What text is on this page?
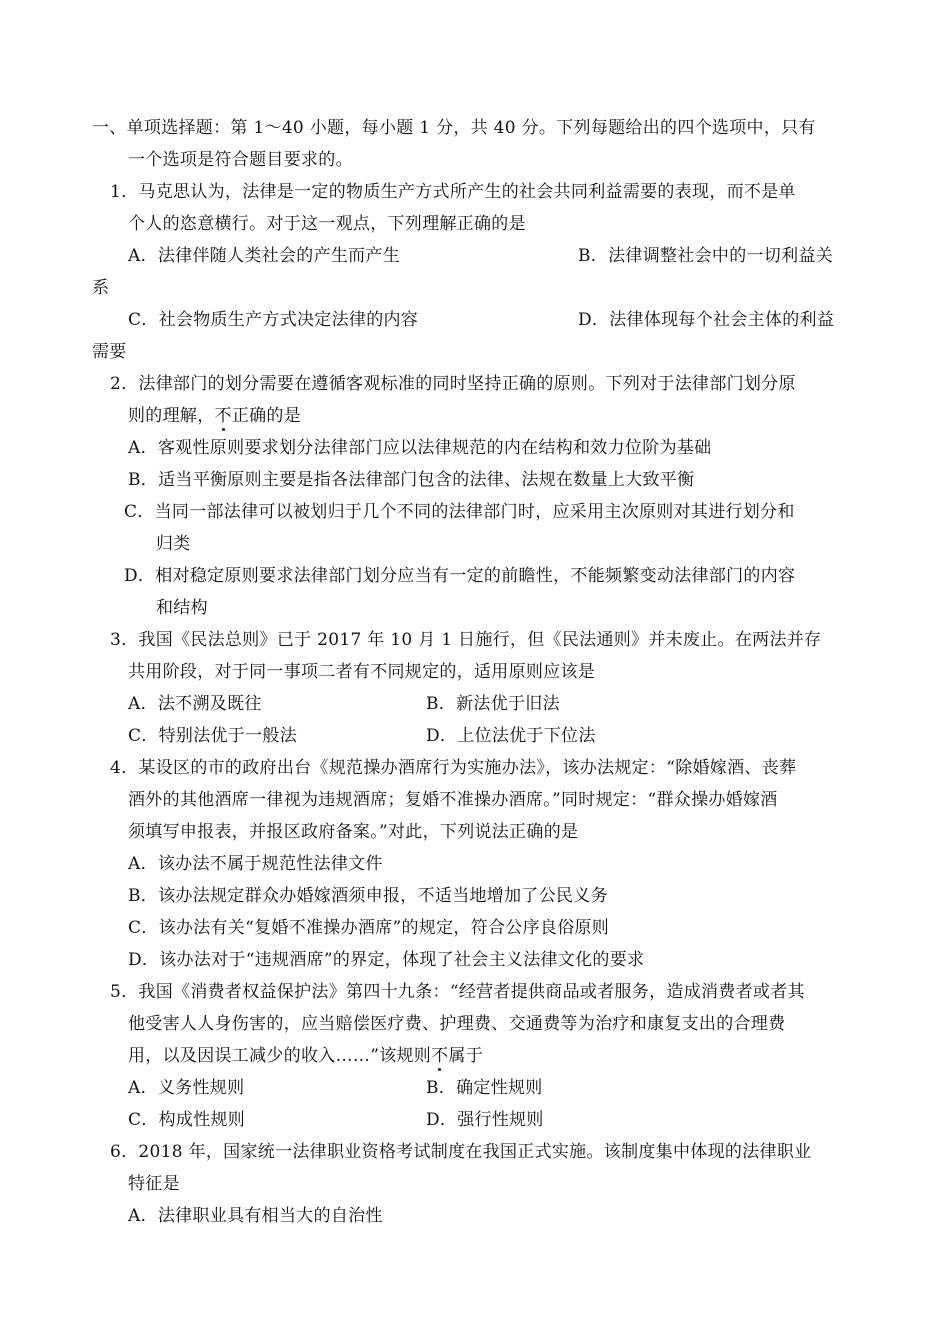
一、单项选择题：第 1～40 小题，每小题 1 分，共 40 分。下列每题给出的四个选项中，只有
一个选项是符合题目要求的。
1．马克思认为，法律是一定的物质生产方式所产生的社会共同利益需要的表现，而不是单
个人的恣意横行。对于这一观点，下列理解正确的是
A．法律伴随人类社会的产生而产生	B．法律调整社会中的一切利益关
系
C．社会物质生产方式决定法律的内容	D．法律体现每个社会主体的利益
需要
2．法律部门的划分需要在遵循客观标准的同时坚持正确的原则。下列对于法律部门划分原
则的理解，不正确的是
A．客观性原则要求划分法律部门应以法律规范的内在结构和效力位阶为基础
B．适当平衡原则主要是指各法律部门包含的法律、法规在数量上大致平衡
C．当同一部法律可以被划归于几个不同的法律部门时，应采用主次原则对其进行划分和
归类
D．相对稳定原则要求法律部门划分应当有一定的前瞻性，不能频繁变动法律部门的内容
和结构
3．我国《民法总则》已于 2017 年 10 月 1 日施行，但《民法通则》并未废止。在两法并存
共用阶段，对于同一事项二者有不同规定的，适用原则应该是
A．法不溯及既往	B．新法优于旧法
C．特别法优于一般法	D．上位法优于下位法
4．某设区的市的政府出台《规范操办酒席行为实施办法》，该办法规定：“除婚嫁酒、丧葬
酒外的其他酒席一律视为违规酒席；复婚不准操办酒席。”同时规定：“群众操办婚嫁酒
须填写申报表，并报区政府备案。”对此，下列说法正确的是
A．该办法不属于规范性法律文件
B．该办法规定群众办婚嫁酒须申报，不适当地增加了公民义务
C．该办法有关“复婚不准操办酒席”的规定，符合公序良俗原则
D．该办法对于“违规酒席”的界定，体现了社会主义法律文化的要求
5．我国《消费者权益保护法》第四十九条：“经营者提供商品或者服务，造成消费者或者其
他受害人人身伤害的，应当赔偿医疗费、护理费、交通费等为治疗和康复支出的合理费
用，以及因误工减少的收入……”该规则不属于
A．义务性规则	B．确定性规则
C．构成性规则	D．强行性规则
6．2018 年，国家统一法律职业资格考试制度在我国正式实施。该制度集中体现的法律职业
特征是
A．法律职业具有相当大的自治性
